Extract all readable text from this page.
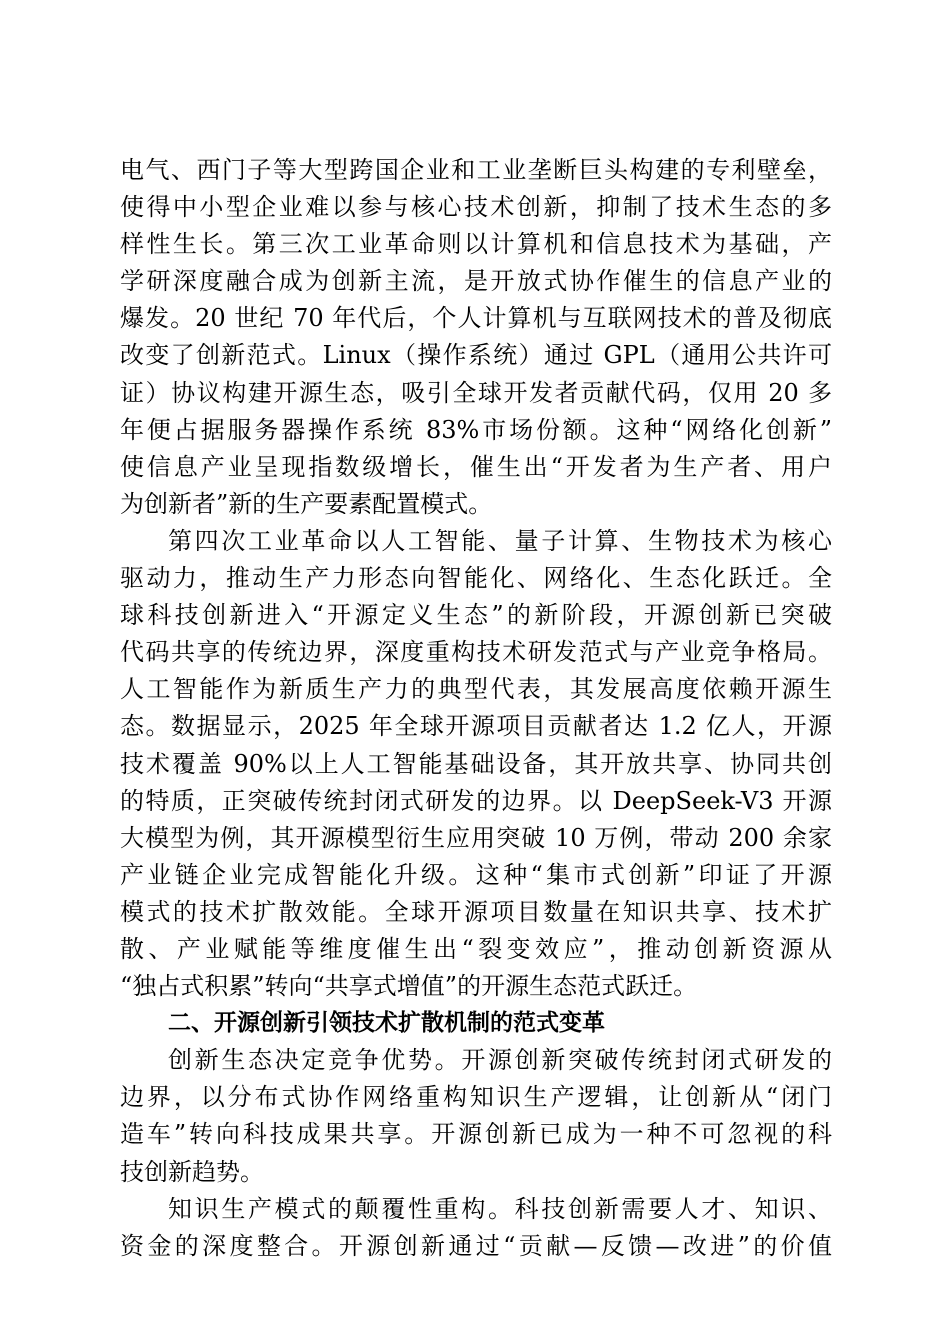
电气、西门子等大型跨国企业和工业垄断巨头构建的专利壁垒，
使得中小型企业难以参与核心技术创新，抑制了技术生态的多
样性生长。第三次工业革命则以计算机和信息技术为基础，产
学研深度融合成为创新主流，是开放式协作催生的信息产业的
爆发。20 世纪 70 年代后，个人计算机与互联网技术的普及彻底
改变了创新范式。Linux（操作系统）通过 GPL（通用公共许可
证）协议构建开源生态，吸引全球开发者贡献代码，仅用 20 多
年便占据服务器操作系统 83%市场份额。这种“网络化创新”
使信息产业呈现指数级增长，催生出“开发者为生产者、用户
为创新者”新的生产要素配置模式。
第四次工业革命以人工智能、量子计算、生物技术为核心
驱动力，推动生产力形态向智能化、网络化、生态化跃迁。全
球科技创新进入“开源定义生态”的新阶段，开源创新已突破
代码共享的传统边界，深度重构技术研发范式与产业竞争格局。
人工智能作为新质生产力的典型代表，其发展高度依赖开源生
态。数据显示，2025 年全球开源项目贡献者达 1.2 亿人，开源
技术覆盖 90%以上人工智能基础设备，其开放共享、协同共创
的特质，正突破传统封闭式研发的边界。以 DeepSeek-V3 开源
大模型为例，其开源模型衍生应用突破 10 万例，带动 200 余家
产业链企业完成智能化升级。这种“集市式创新”印证了开源
模式的技术扩散效能。全球开源项目数量在知识共享、技术扩
散、产业赋能等维度催生出“裂变效应”，推动创新资源从
“独占式积累”转向“共享式增值”的开源生态范式跃迁。
二、开源创新引领技术扩散机制的范式变革
创新生态决定竞争优势。开源创新突破传统封闭式研发的
边界，以分布式协作网络重构知识生产逻辑，让创新从“闭门
造车”转向科技成果共享。开源创新已成为一种不可忽视的科
技创新趋势。
知识生产模式的颠覆性重构。科技创新需要人才、知识、
资金的深度整合。开源创新通过“贡献—反馈—改进”的价值
